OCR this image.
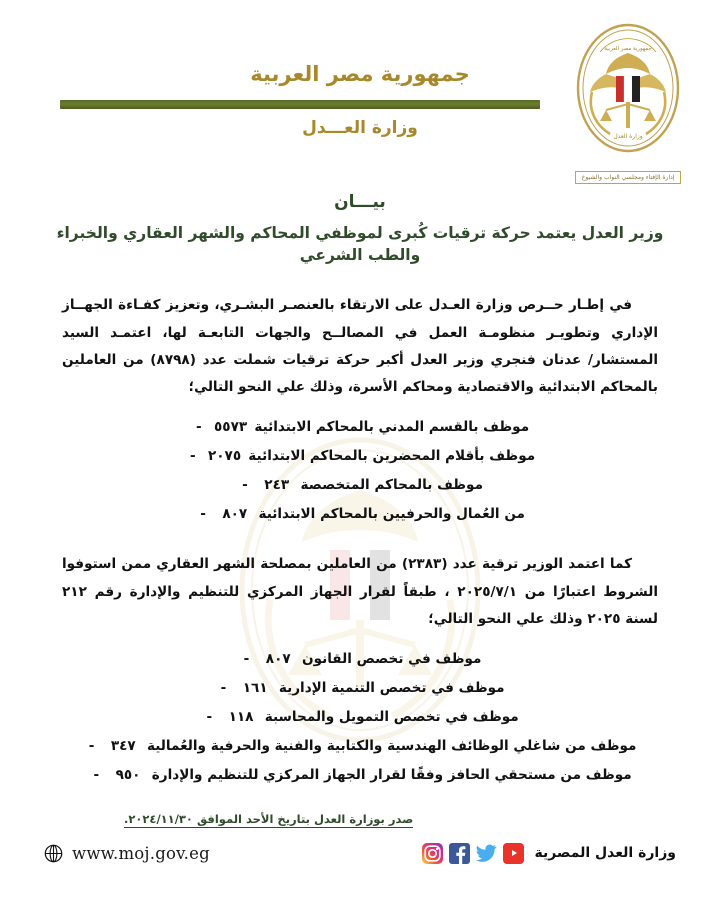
جمهورية مصر العربية
وزارة العـــدل
جمهورية مصر العربية
وزارة العدل
إدارة الإفتاء ومجلسي النواب والشيوخ
بيـــان
وزير العدل يعتمد حركة ترقيات كُبرى لموظفي المحاكم والشهر العقاري والخبراء والطب الشرعي

في إطـار حــرص وزارة العـدل على الارتقاء بالعنصـر البشـري، وتعزيز كفـاءة الجهــاز الإداري وتطويـر منظومـة العمل في المصالــح والجهات التابعـة لها، اعتمـد السيد المستشار/ عدنان فنجري وزير العدل أكبر حركة ترقيات شملت عدد (٨٧٩٨) من العاملين بالمحاكم الابتدائية والاقتصادية ومحاكم الأسرة، وذلك علي النحو التالي؛

موظف بالقسم المدني بالمحاكم الابتدائية ٥٥٧٣ -
موظف بأقلام المحضرين بالمحاكم الابتدائية ٢٠٧٥ -
موظف بالمحاكم المتخصصة ٢٤٣ -
من العُمال والحرفيين بالمحاكم الابتدائية ٨٠٧ -

كما اعتمد الوزير ترقية عدد (٢٣٨٣) من العاملين بمصلحة الشهر العقاري ممن استوفوا الشروط اعتبارًا من ٢٠٢٥/٧/١ ، طبقاً لقرار الجهاز المركزي للتنظيم والإدارة رقم ٢١٢ لسنة ٢٠٢٥ وذلك علي النحو التالي؛

موظف في تخصص القانون ٨٠٧ -
موظف في تخصص التنمية الإدارية ١٦١ -
موظف في تخصص التمويل والمحاسبة ١١٨ -
موظف من شاغلي الوظائف الهندسية والكتابية والفنية والحرفية والعُمالية ٣٤٧ -
موظف من مستحقي الحافز وفقًا لقرار الجهاز المركزي للتنظيم والإدارة ٩٥٠ -
صدر بوزارة العدل بتاريخ الأحد الموافق ٢٠٢٤/١١/٣٠.
www.moj.gov.eg	وزارة العدل المصرية
